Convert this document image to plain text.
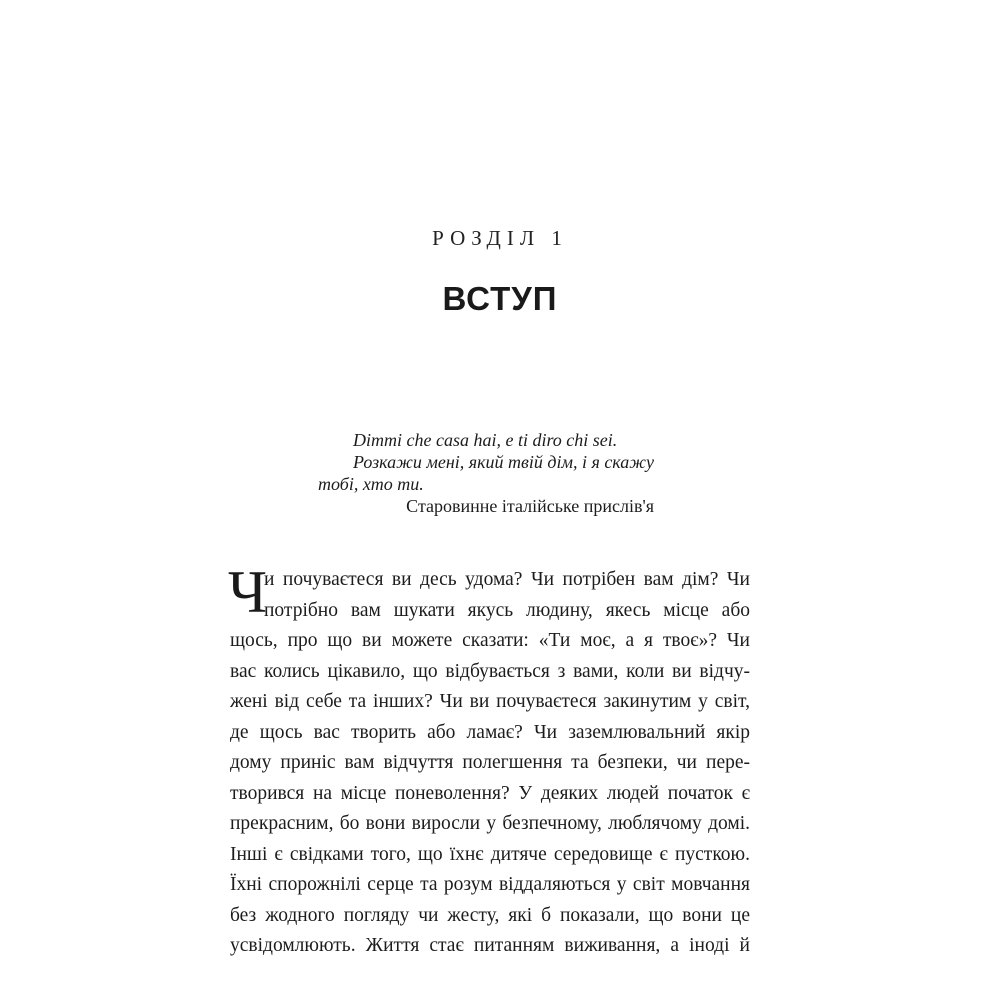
РОЗДІЛ 1
ВСТУП
Dimmi che casa hai, e ti diro chi sei.
Розкажи мені, який твій дім, і я скажу
тобі, хто ти.
Старовинне італійське прислів'я
Ч
и почуваєтеся ви десь удома? Чи потрібен вам дім? Чи
потрібно вам шукати якусь людину, якесь місце або
щось, про що ви можете сказати: «Ти моє, а я твоє»? Чи
вас колись цікавило, що відбувається з вами, коли ви відчу-
жені від себе та інших? Чи ви почуваєтеся закинутим у світ,
де щось вас творить або ламає? Чи заземлювальний якір
дому приніс вам відчуття полегшення та безпеки, чи пере-
творився на місце поневолення? У деяких людей початок є
прекрасним, бо вони виросли у безпечному, люблячому домі.
Інші є свідками того, що їхнє дитяче середовище є пусткою.
Їхні спорожнілі серце та розум віддаляються у світ мовчання
без жодного погляду чи жесту, які б показали, що вони це
усвідомлюють. Життя стає питанням виживання, а іноді й
